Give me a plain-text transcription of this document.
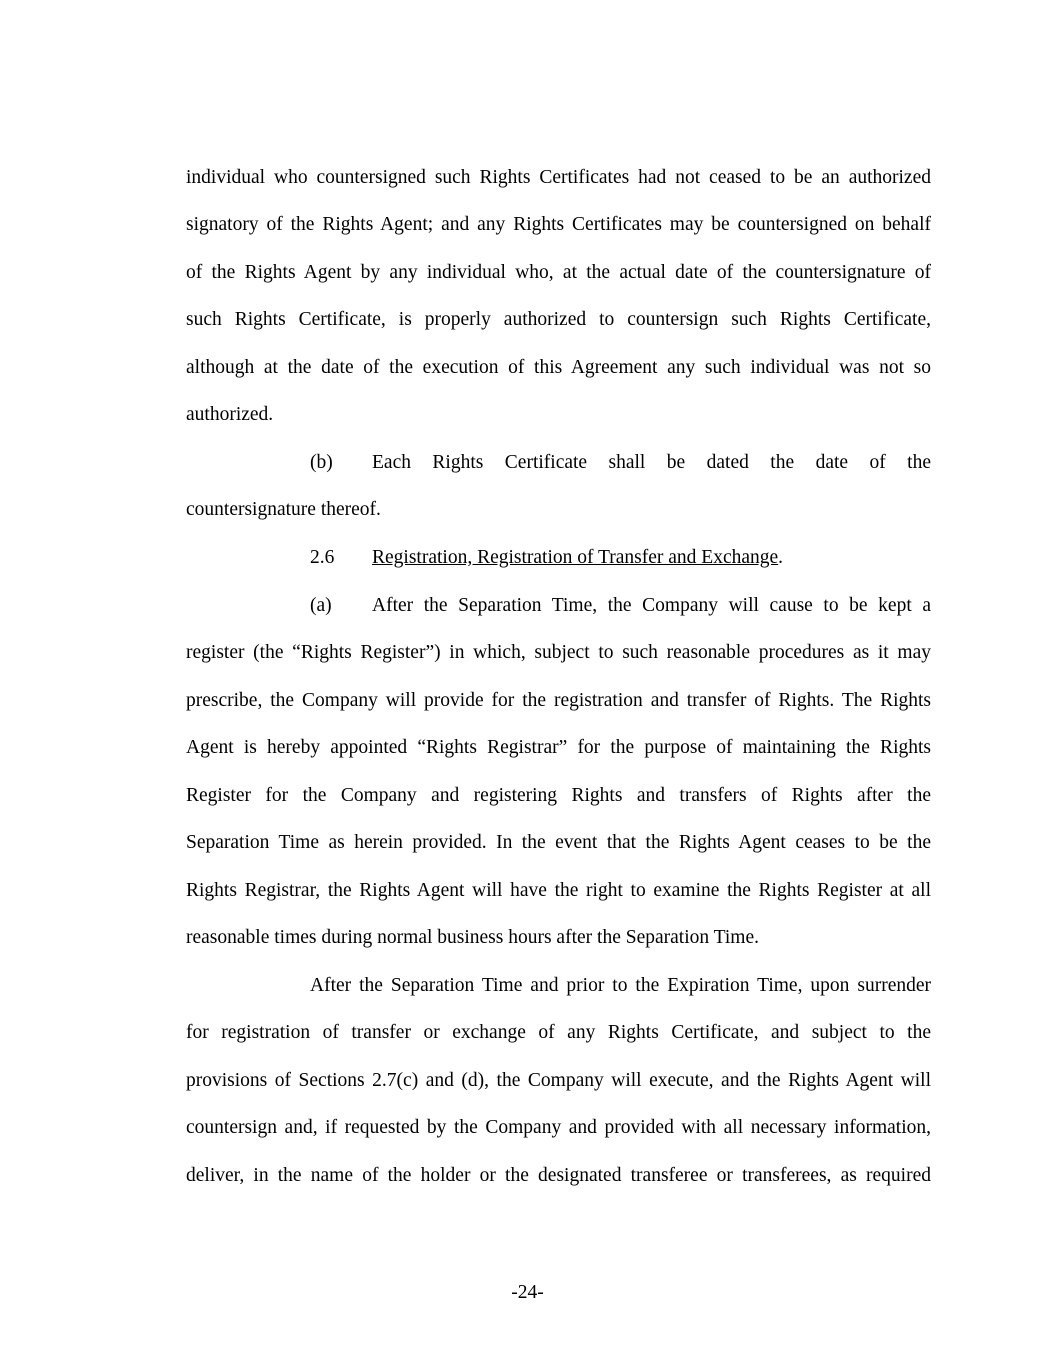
individual who countersigned such Rights Certificates had not ceased to be an authorized
signatory of the Rights Agent; and any Rights Certificates may be countersigned on behalf
of the Rights Agent by any individual who, at the actual date of the countersignature of
such Rights Certificate, is properly authorized to countersign such Rights Certificate,
although at the date of the execution of this Agreement any such individual was not so
authorized.
(b) Each Rights Certificate shall be dated the date of the
countersignature thereof.
2.6 Registration, Registration of Transfer and Exchange.
(a) After the Separation Time, the Company will cause to be kept a
register (the “Rights Register”) in which, subject to such reasonable procedures as it may
prescribe, the Company will provide for the registration and transfer of Rights. The Rights
Agent is hereby appointed “Rights Registrar” for the purpose of maintaining the Rights
Register for the Company and registering Rights and transfers of Rights after the
Separation Time as herein provided. In the event that the Rights Agent ceases to be the
Rights Registrar, the Rights Agent will have the right to examine the Rights Register at all
reasonable times during normal business hours after the Separation Time.
After the Separation Time and prior to the Expiration Time, upon surrender
for registration of transfer or exchange of any Rights Certificate, and subject to the
provisions of Sections 2.7(c) and (d), the Company will execute, and the Rights Agent will
countersign and, if requested by the Company and provided with all necessary information,
deliver, in the name of the holder or the designated transferee or transferees, as required
-24-
